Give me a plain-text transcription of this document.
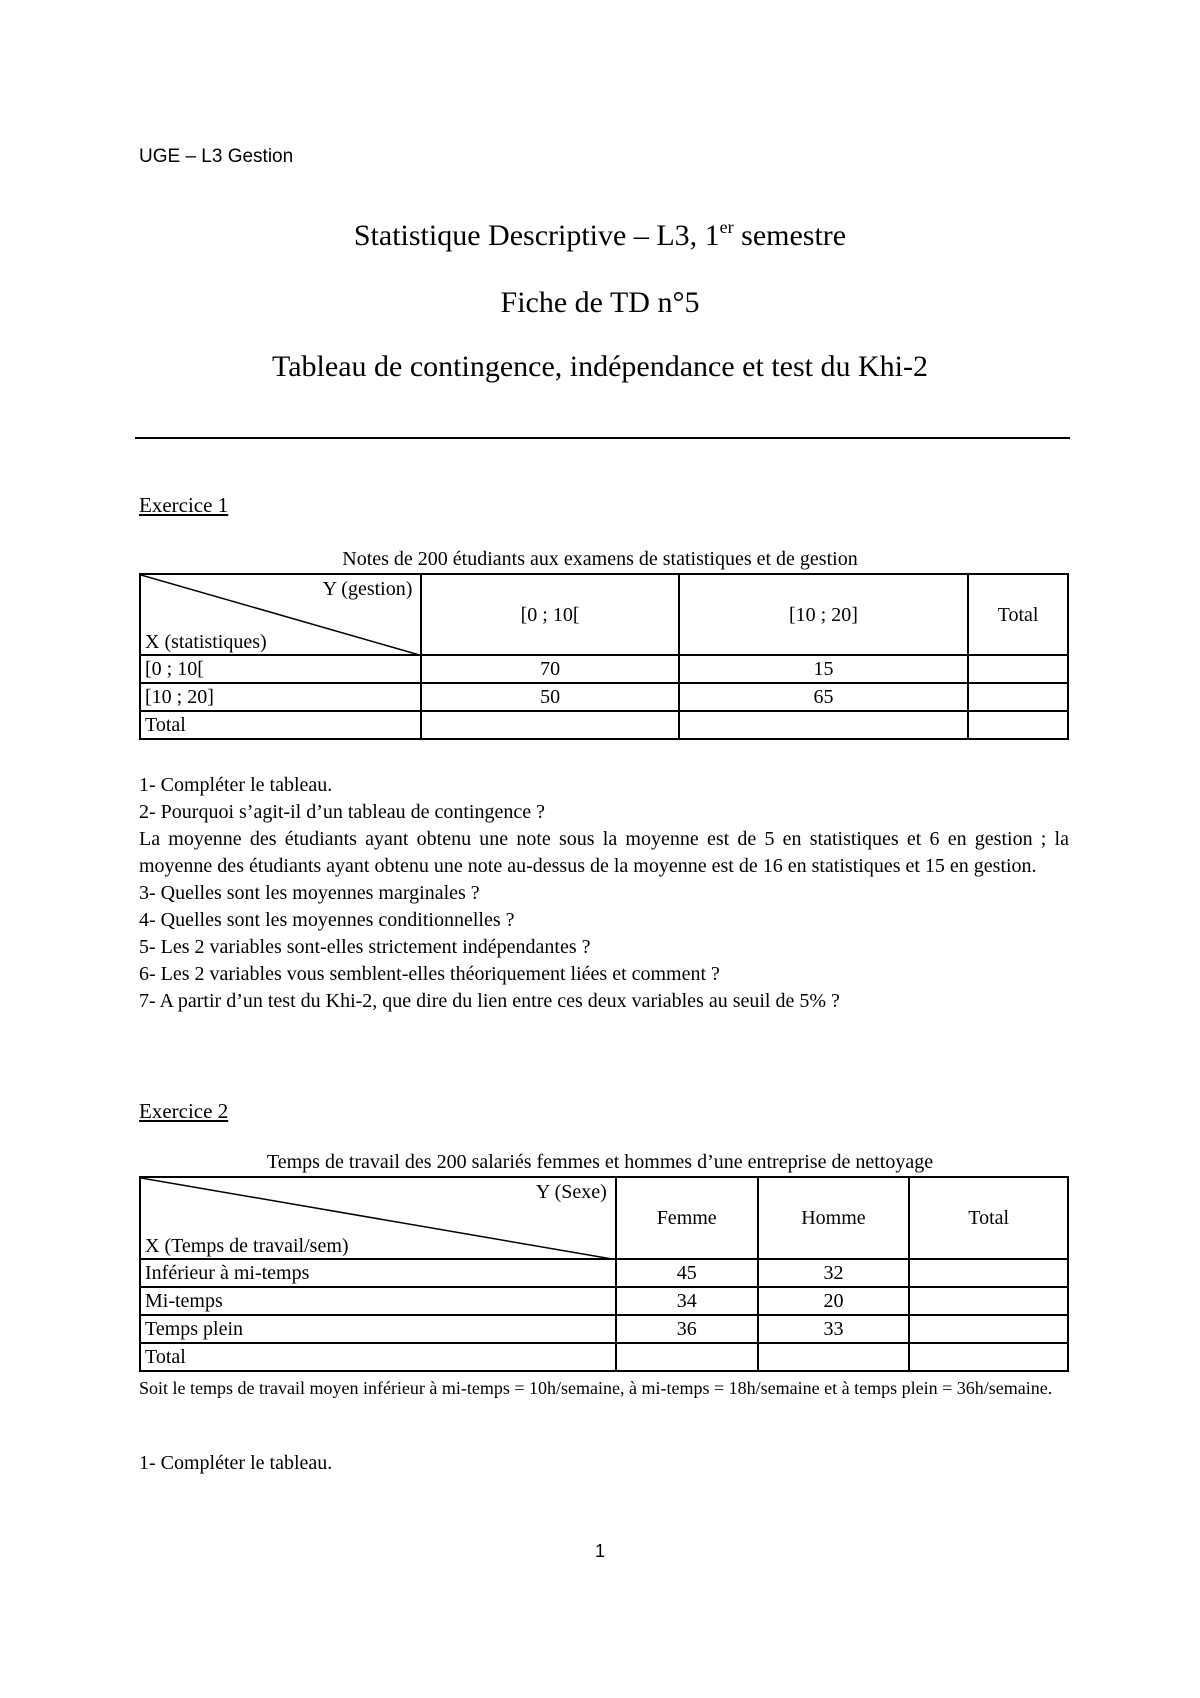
UGE – L3 Gestion
Statistique Descriptive – L3, 1er semestre
Fiche de TD n°5
Tableau de contingence, indépendance et test du Khi-2
Exercice 1
Notes de 200 étudiants aux examens de statistiques et de gestion
Y (gestion)
X (statistiques)	[0 ; 10[	[10 ; 20]	Total
[0 ; 10[	70	15	
[10 ; 20]	50	65	
Total			
1- Compléter le tableau.
2- Pourquoi s’agit-il d’un tableau de contingence ?
La moyenne des étudiants ayant obtenu une note sous la moyenne est de 5 en statistiques et 6 en gestion ; la moyenne des étudiants ayant obtenu une note au-dessus de la moyenne est de 16 en statistiques et 15 en gestion.
3- Quelles sont les moyennes marginales ?
4- Quelles sont les moyennes conditionnelles ?
5- Les 2 variables sont-elles strictement indépendantes ?
6- Les 2 variables vous semblent-elles théoriquement liées et comment ?
7- A partir d’un test du Khi-2, que dire du lien entre ces deux variables au seuil de 5% ?
Exercice 2
Temps de travail des 200 salariés femmes et hommes d’une entreprise de nettoyage
Y (Sexe)
X (Temps de travail/sem)	Femme	Homme	Total
Inférieur à mi-temps	45	32	
Mi-temps	34	20	
Temps plein	36	33	
Total			
Soit le temps de travail moyen inférieur à mi-temps = 10h/semaine, à mi-temps = 18h/semaine et à temps plein = 36h/semaine.
1- Compléter le tableau.
1
